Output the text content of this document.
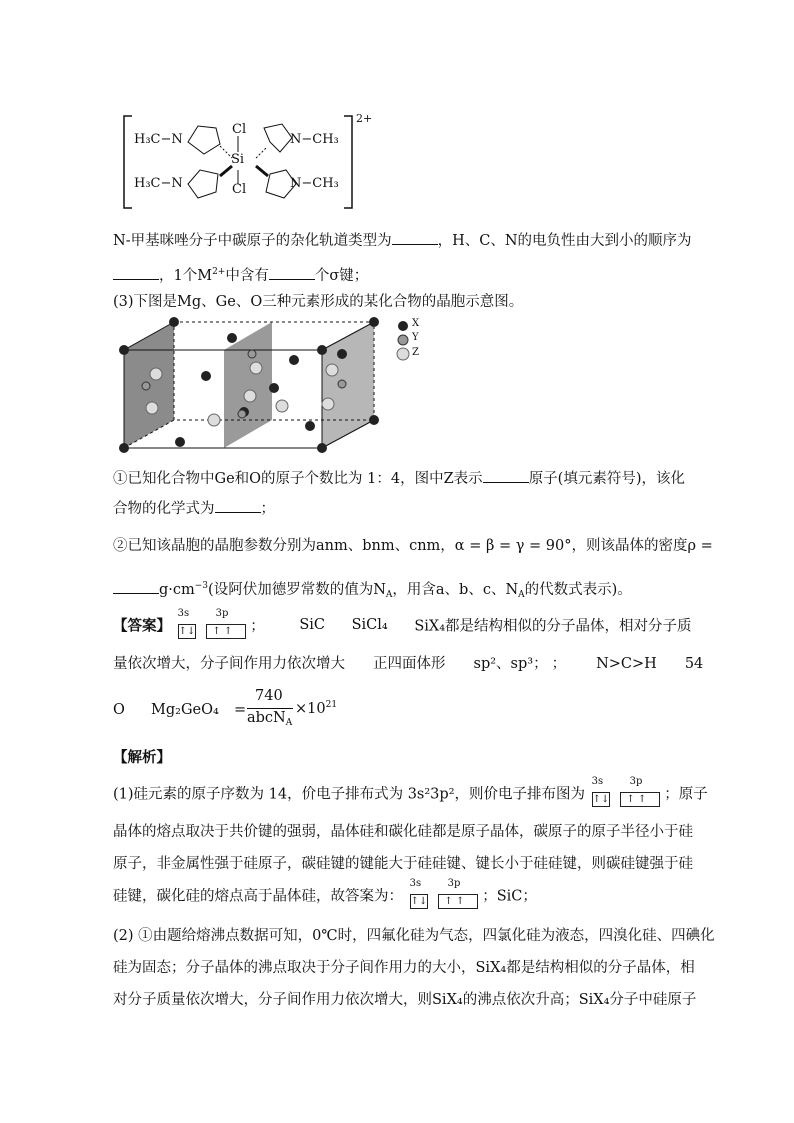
Cl
Si
Cl
H₃C−N
H₃C−N
N−CH₃
N−CH₃
2+
N-甲基咪唑分子中碳原子的杂化轨道类型为	，H、C、N的电负性由大到小的顺序为
，1个$M^{2+}$中含有	个σ键；
(3)下图是Mg、Ge、O三种元素形成的某化合物的晶胞示意图。
X
Y
Z
①已知化合物中Ge和O的原子个数比为 1：4，图中Z表示	原子(填元素符号)，该化
合物的化学式为	；
②已知该晶胞的晶胞参数分别为anm、bnm、cnm，α = β = γ = 90°，则该晶体的密度ρ =
$g\cdot cm^{-3}$(设阿伏加德罗常数的值为$N_A$，用含a、b、c、$N_A$的代数式表示)。
【答案】
3s	3p
↑↓	↑ ↑ ； SiC SiCl₄ SiX₄都是结构相似的分子晶体，相对分子质
量依次增大，分子间作用力依次增大 正四面体形 sp²、sp³； ； N>C>H 54
O Mg₂GeO₄ =
740
abcN$_A$
$\times 10^{21}$
【解析】
(1)硅元素的原子序数为 14，价电子排布式为 3s²3p²，则价电子排布图为
3s	3p
↑↓	↑ ↑ ；原子
晶体的熔点取决于共价键的强弱，晶体硅和碳化硅都是原子晶体，碳原子的原子半径小于硅
原子，非金属性强于硅原子，碳硅键的键能大于硅硅键、键长小于硅硅键，则碳硅键强于硅
硅键，碳化硅的熔点高于晶体硅，故答案为：
3s	3p
↑↓	↑ ↑ ；SiC；
(2) ①由题给熔沸点数据可知，0℃时，四氟化硅为气态，四氯化硅为液态，四溴化硅、四碘化
硅为固态；分子晶体的沸点取决于分子间作用力的大小，SiX₄都是结构相似的分子晶体，相
对分子质量依次增大，分子间作用力依次增大，则SiX₄的沸点依次升高；SiX₄分子中硅原子
